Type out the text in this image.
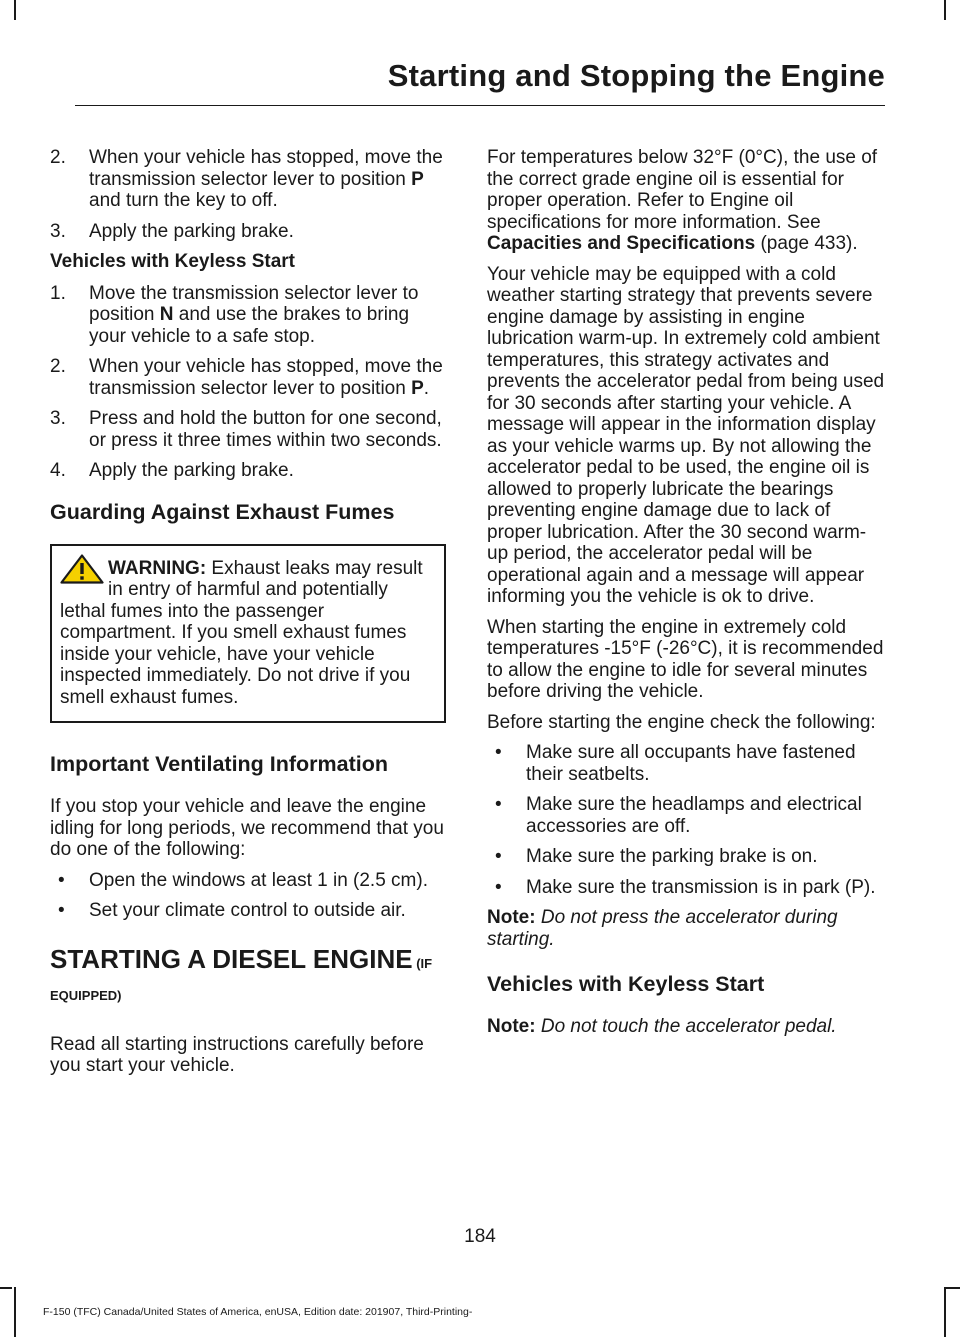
Starting and Stopping the Engine
2. When your vehicle has stopped, move the transmission selector lever to position P and turn the key to off.
3. Apply the parking brake.

Vehicles with Keyless Start

1. Move the transmission selector lever to position N and use the brakes to bring your vehicle to a safe stop.
2. When your vehicle has stopped, move the transmission selector lever to position P.
3. Press and hold the button for one second, or press it three times within two seconds.
4. Apply the parking brake.
Guarding Against Exhaust Fumes
WARNING: Exhaust leaks may result in entry of harmful and potentially lethal fumes into the passenger compartment. If you smell exhaust fumes inside your vehicle, have your vehicle inspected immediately. Do not drive if you smell exhaust fumes.
Important Ventilating Information

If you stop your vehicle and leave the engine idling for long periods, we recommend that you do one of the following:

• Open the windows at least 1 in (2.5 cm).
• Set your climate control to outside air.
STARTING A DIESEL ENGINE (IF
EQUIPPED)

Read all starting instructions carefully before you start your vehicle.

For temperatures below 32°F (0°C), the use of the correct grade engine oil is essential for proper operation. Refer to Engine oil specifications for more information. See Capacities and Specifications (page 433).

Your vehicle may be equipped with a cold weather starting strategy that prevents severe engine damage by assisting in engine lubrication warm-up. In extremely cold ambient temperatures, this strategy activates and prevents the accelerator pedal from being used for 30 seconds after starting your vehicle. A message will appear in the information display as your vehicle warms up. By not allowing the accelerator pedal to be used, the engine oil is allowed to properly lubricate the bearings preventing engine damage due to lack of proper lubrication. After the 30 second warm-up period, the accelerator pedal will be operational again and a message will appear informing you the vehicle is ok to drive.

When starting the engine in extremely cold temperatures -15°F (-26°C), it is recommended to allow the engine to idle for several minutes before driving the vehicle.

Before starting the engine check the following:

• Make sure all occupants have fastened their seatbelts.
• Make sure the headlamps and electrical accessories are off.
• Make sure the parking brake is on.
• Make sure the transmission is in park (P).

Note: Do not press the accelerator during starting.

Vehicles with Keyless Start

Note: Do not touch the accelerator pedal.

184
F-150 (TFC) Canada/United States of America, enUSA, Edition date: 201907, Third-Printing-
